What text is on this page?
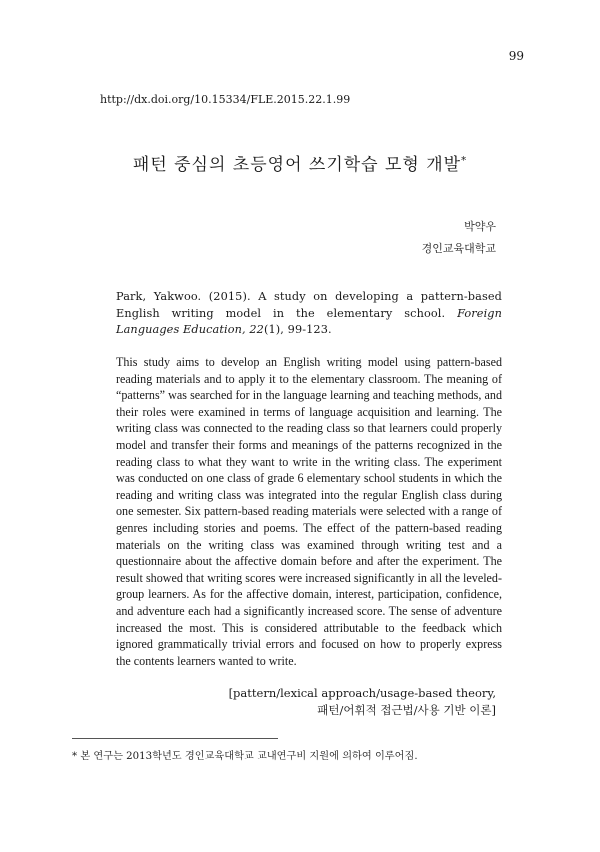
99
http://dx.doi.org/10.15334/FLE.2015.22.1.99
패턴 중심의 초등영어 쓰기학습 모형 개발*
박약우
경인교육대학교
Park, Yakwoo. (2015). A study on developing a pattern-based English writing model in the elementary school. Foreign Languages Education, 22(1), 99-123.
This study aims to develop an English writing model using pattern-based reading materials and to apply it to the elementary classroom. The meaning of “patterns” was searched for in the language learning and teaching methods, and their roles were examined in terms of language acquisition and learning. The writing class was connected to the reading class so that learners could properly model and transfer their forms and meanings of the patterns recognized in the reading class to what they want to write in the writing class. The experiment was conducted on one class of grade 6 elementary school students in which the reading and writing class was integrated into the regular English class during one semester. Six pattern-based reading materials were selected with a range of genres including stories and poems. The effect of the pattern-based reading materials on the writing class was examined through writing test and a questionnaire about the affective domain before and after the experiment. The result showed that writing scores were increased significantly in all the leveled-group learners. As for the affective domain, interest, participation, confidence, and adventure each had a significantly increased score. The sense of adventure increased the most. This is considered attributable to the feedback which ignored grammatically trivial errors and focused on how to properly express the contents learners wanted to write.
[pattern/lexical approach/usage-based theory,
패턴/어휘적 접근법/사용 기반 이론]
* 본 연구는 2013학년도 경인교육대학교 교내연구비 지원에 의하여 이루어짐.
